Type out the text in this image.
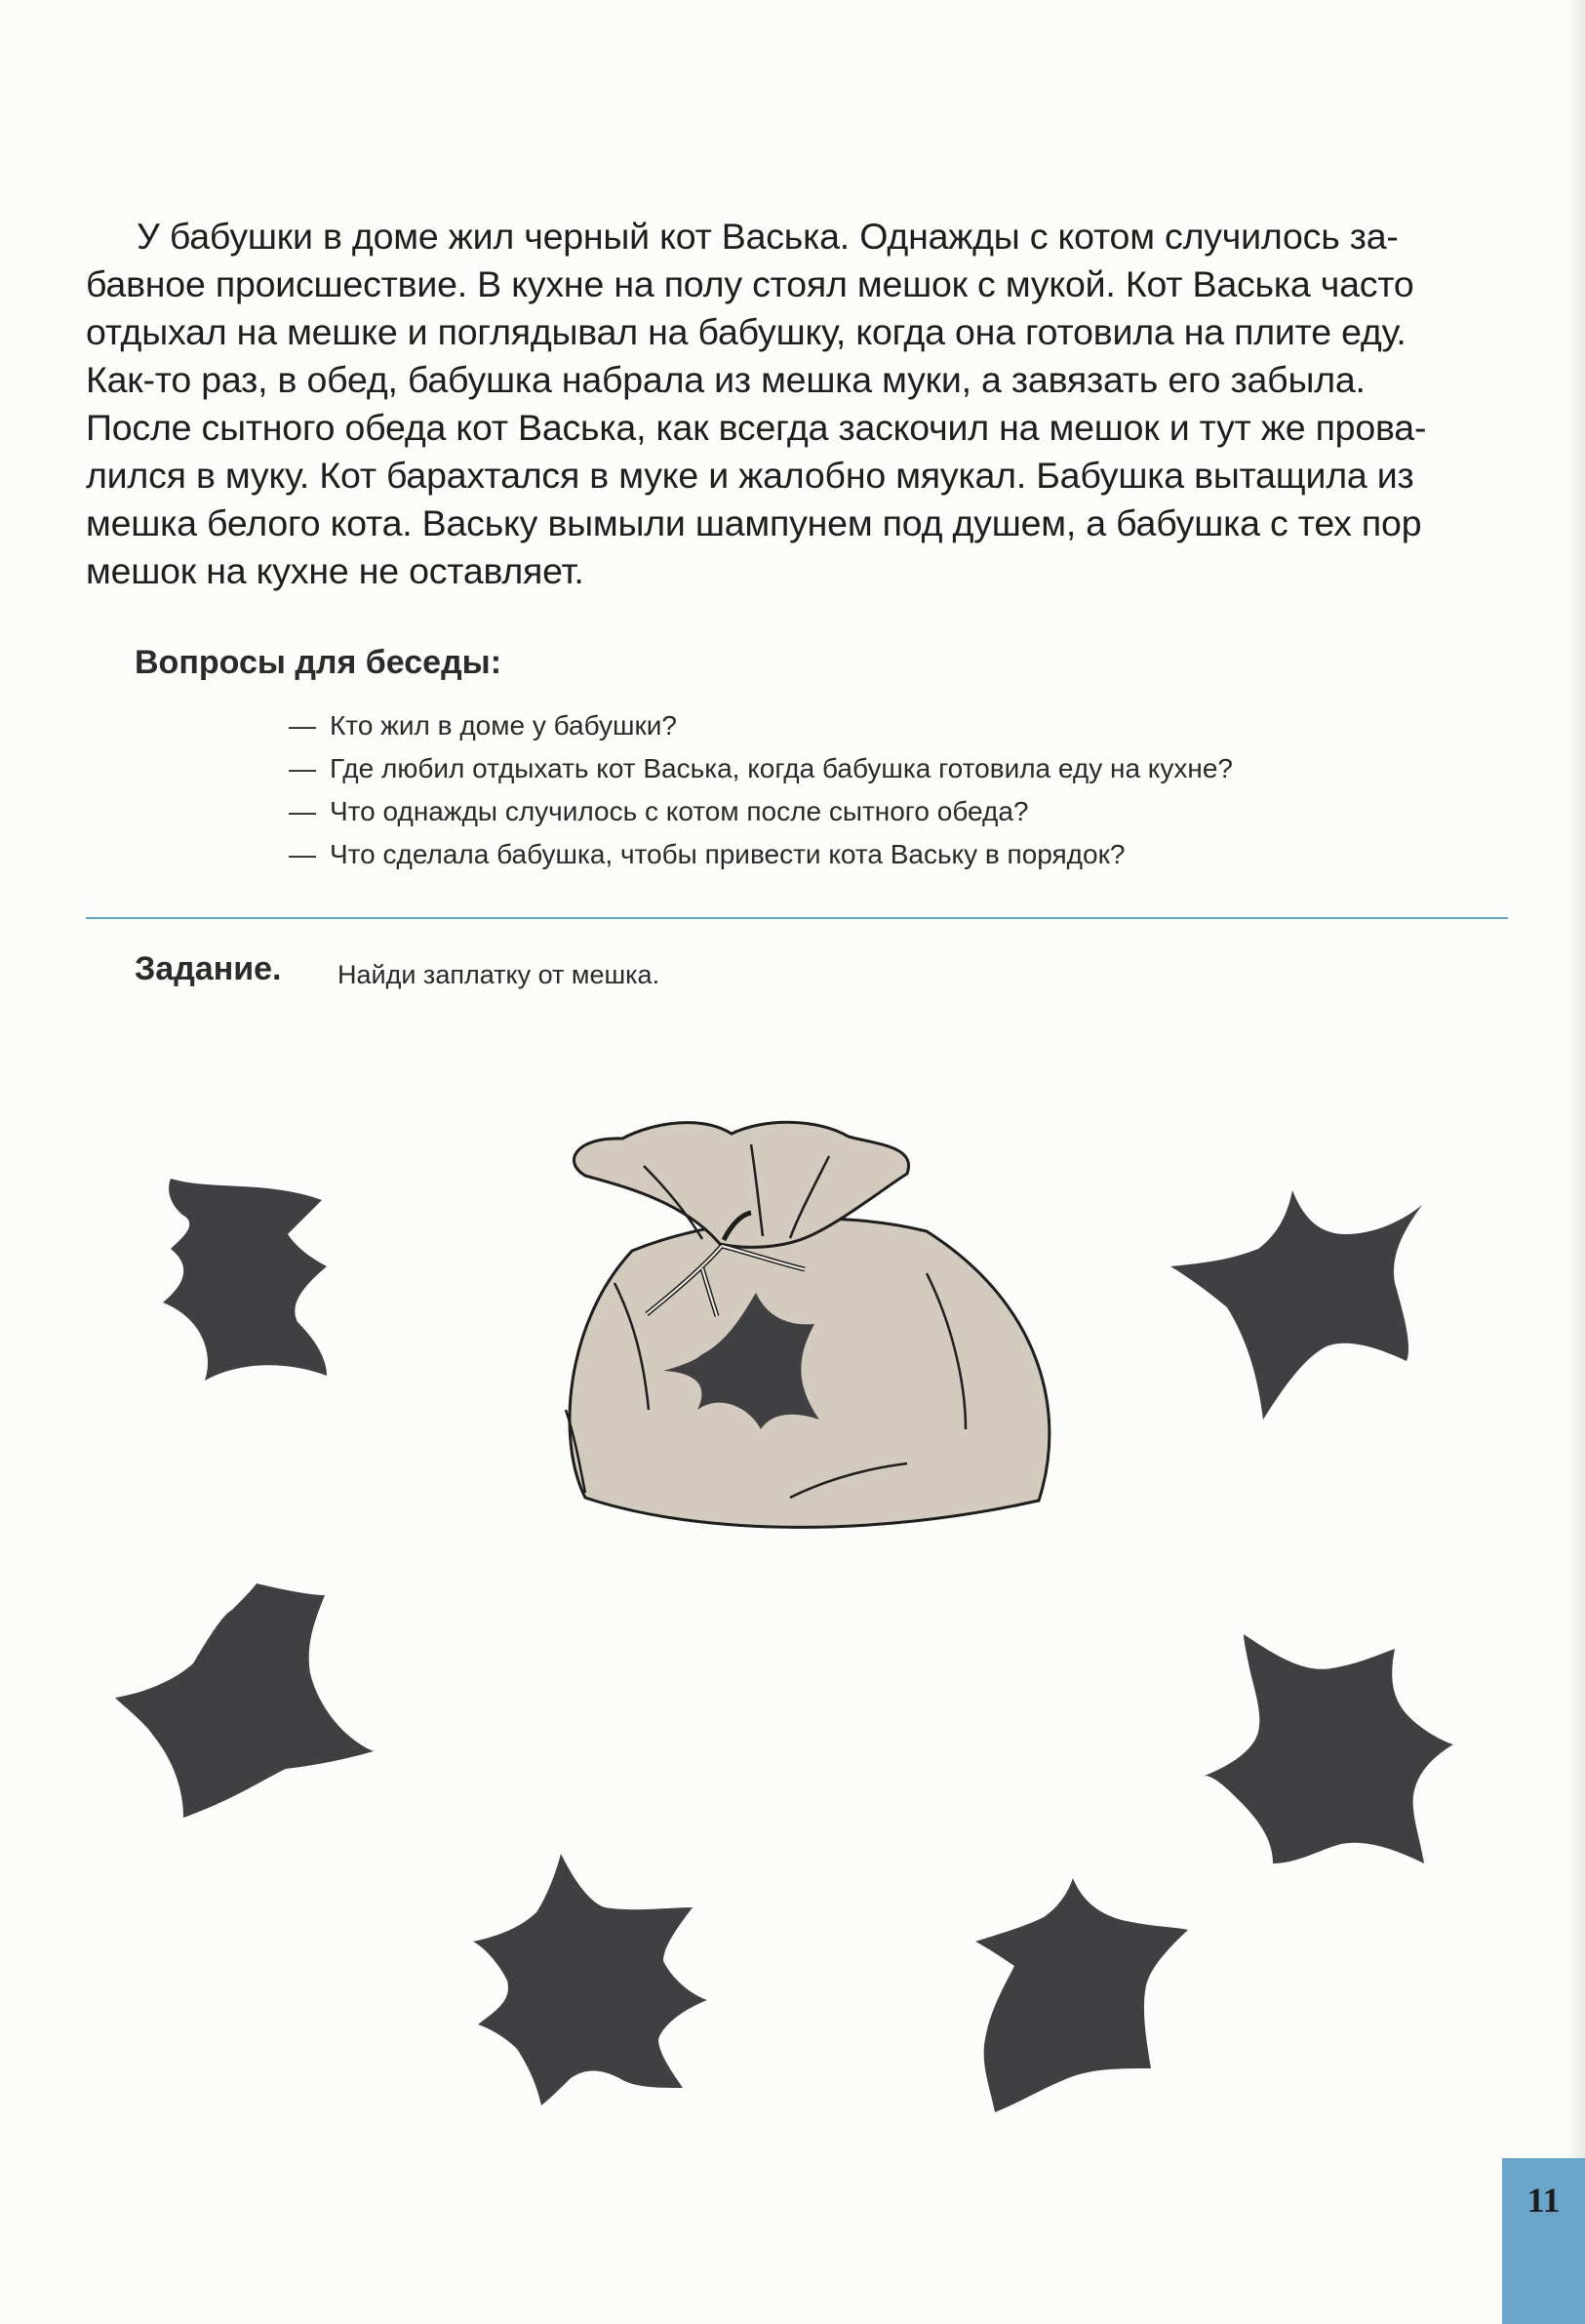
У бабушки в доме жил черный кот Васька. Однажды с котом случилось за-
бавное происшествие. В кухне на полу стоял мешок с мукой. Кот Васька часто
отдыхал на мешке и поглядывал на бабушку, когда она готовила на плите еду.
Как-то раз, в обед, бабушка набрала из мешка муки, а завязать его забыла.
После сытного обеда кот Васька, как всегда заскочил на мешок и тут же прова-
лился в муку. Кот барахтался в муке и жалобно мяукал. Бабушка вытащила из
мешка белого кота. Ваську вымыли шампунем под душем, а бабушка с тех пор
мешок на кухне не оставляет.
Вопросы для беседы:
— Кто жил в доме у бабушки?
— Где любил отдыхать кот Васька, когда бабушка готовила еду на кухне?
— Что однажды случилось с котом после сытного обеда?
— Что сделала бабушка, чтобы привести кота Ваську в порядок?
Задание. Найди заплатку от мешка.
11
